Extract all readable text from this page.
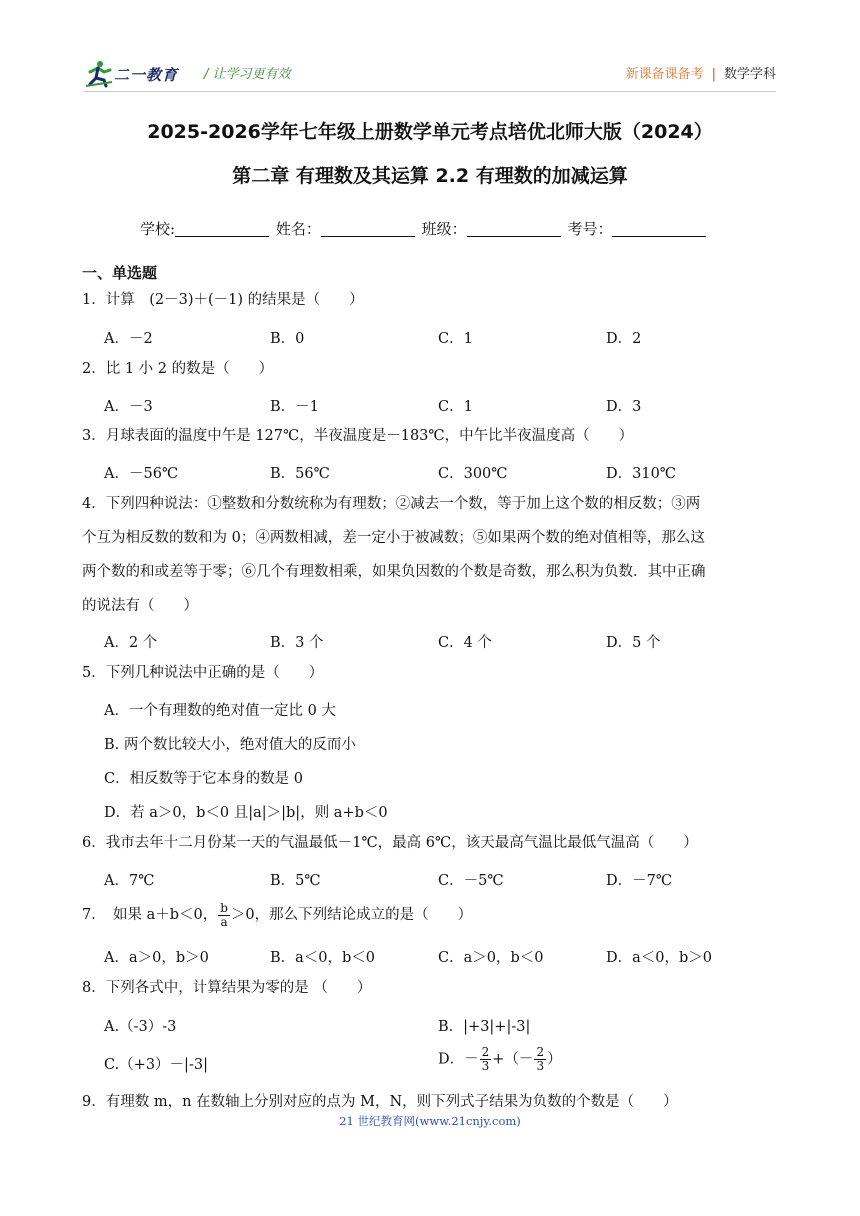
二一教育 / 让学习更有效	新课备课备考 | 数学学科
2025-2026学年七年级上册数学单元考点培优北师大版（2024）
第二章 有理数及其运算 2.2 有理数的加减运算
学校:	姓名：	班级：	考号：
一、单选题
1．计算　(2－3)＋(－1) 的结果是（　　）
A．－2	B．0	C．1	D．2
2．比 1 小 2 的数是（　　）
A．－3	B．－1	C．1	D．3
3．月球表面的温度中午是 127℃，半夜温度是－183℃，中午比半夜温度高（　　）
A．－56℃	B．56℃	C．300℃	D．310℃
4．下列四种说法：①整数和分数统称为有理数；②减去一个数，等于加上这个数的相反数；③两
个互为相反数的数和为 0；④两数相减，差一定小于被减数；⑤如果两个数的绝对值相等，那么这
两个数的和或差等于零；⑥几个有理数相乘，如果负因数的个数是奇数，那么积为负数．其中正确
的说法有（　　）
A．2 个	B．3 个	C．4 个	D．5 个
5．下列几种说法中正确的是（　　）
A．一个有理数的绝对值一定比 0 大
B. 两个数比较大小，绝对值大的反而小
C．相反数等于它本身的数是 0
D．若 a＞0，b＜0 且|a|＞|b|，则 a+b＜0
6．我市去年十二月份某一天的气温最低－1℃，最高 6℃，该天最高气温比最低气温高（　　）
A．7℃	B．5℃	C．－5℃	D．－7℃
7．　如果 a＋b＜0， $\frac{b}{a} >0$，那么下列结论成立的是（　　）
A．a＞0，b＞0	B．a＜0，b＜0	C．a＞0，b＜0	D．a＜0，b＞0
8．下列各式中，计算结果为零的是 （　　）
A.（-3）-3	B．|+3|+|-3|
C.（+3）－|-3|	D．－ $\frac{2}{3}$ +（－ $\frac{2}{3}$ ）
9．有理数 m，n 在数轴上分别对应的点为 M，N，则下列式子结果为负数的个数是（　　）
21 世纪教育网(www.21cnjy.com)
